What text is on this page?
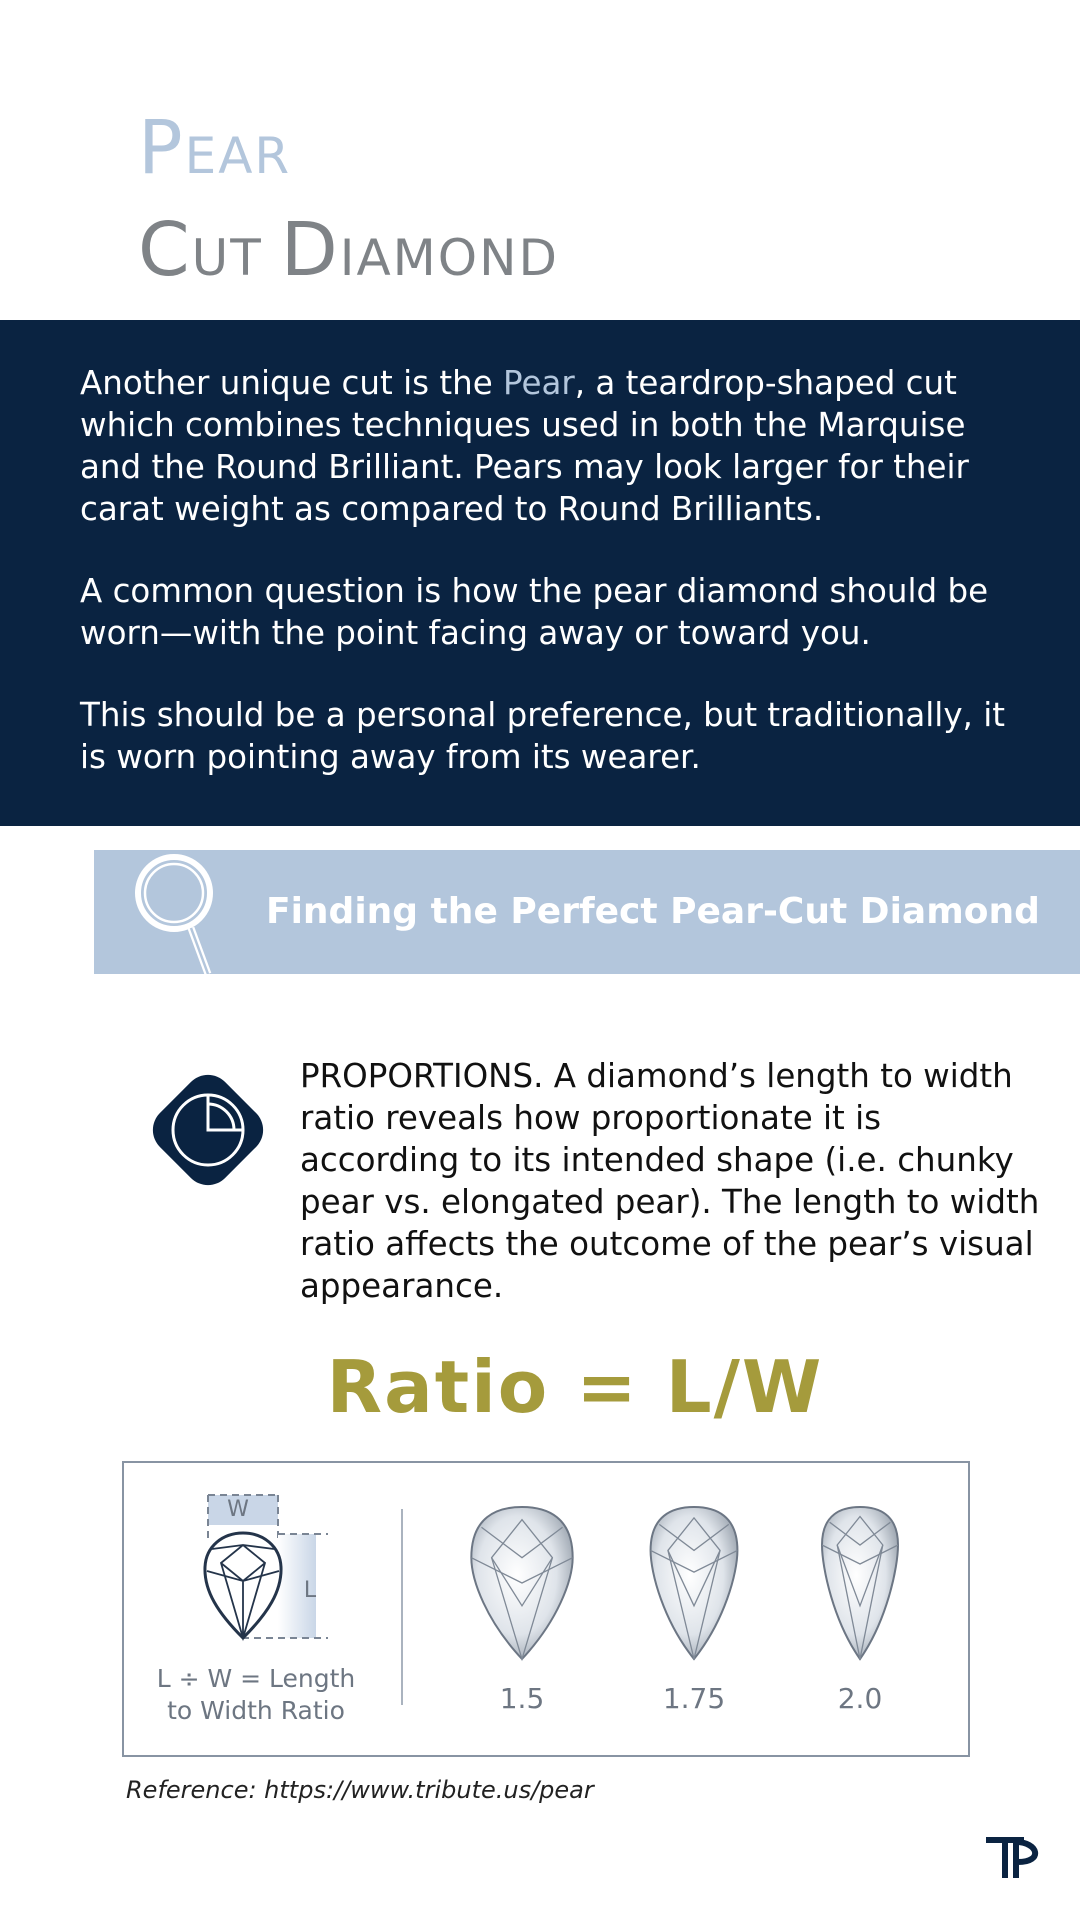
PEAR
CUT DIAMOND

Another unique cut is the Pear, a teardrop-shaped cut which combines techniques used in both the Marquise and the Round Brilliant. Pears may look larger for their carat weight as compared to Round Brilliants.

A common question is how the pear diamond should be worn—with the point facing away or toward you.

This should be a personal preference, but traditionally, it is worn pointing away from its wearer.

Finding the Perfect Pear-Cut Diamond

PROPORTIONS. A diamond’s length to width ratio reveals how proportionate it is according to its intended shape (i.e. chunky pear vs. elongated pear). The length to width ratio affects the outcome of the pear’s visual appearance.

Ratio = L/W
W
L
L ÷ W = Length
to Width Ratio	1.5	1.75	2.0
Reference: https://www.tribute.us/pear
